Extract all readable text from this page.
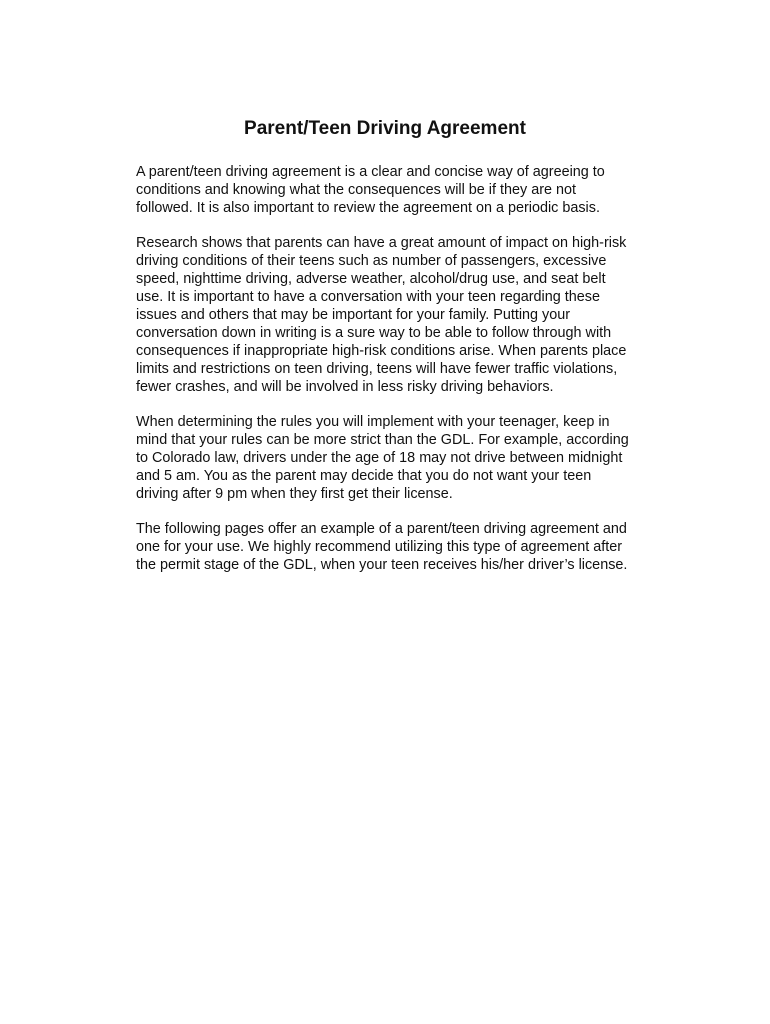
Parent/Teen Driving Agreement

A parent/teen driving agreement is a clear and concise way of agreeing to
conditions and knowing what the consequences will be if they are not
followed. It is also important to review the agreement on a periodic basis.

Research shows that parents can have a great amount of impact on high-risk
driving conditions of their teens such as number of passengers, excessive
speed, nighttime driving, adverse weather, alcohol/drug use, and seat belt
use. It is important to have a conversation with your teen regarding these
issues and others that may be important for your family. Putting your
conversation down in writing is a sure way to be able to follow through with
consequences if inappropriate high-risk conditions arise. When parents place
limits and restrictions on teen driving, teens will have fewer traffic violations,
fewer crashes, and will be involved in less risky driving behaviors.

When determining the rules you will implement with your teenager, keep in
mind that your rules can be more strict than the GDL. For example, according
to Colorado law, drivers under the age of 18 may not drive between midnight
and 5 am. You as the parent may decide that you do not want your teen
driving after 9 pm when they first get their license.

The following pages offer an example of a parent/teen driving agreement and
one for your use. We highly recommend utilizing this type of agreement after
the permit stage of the GDL, when your teen receives his/her driver’s license.
